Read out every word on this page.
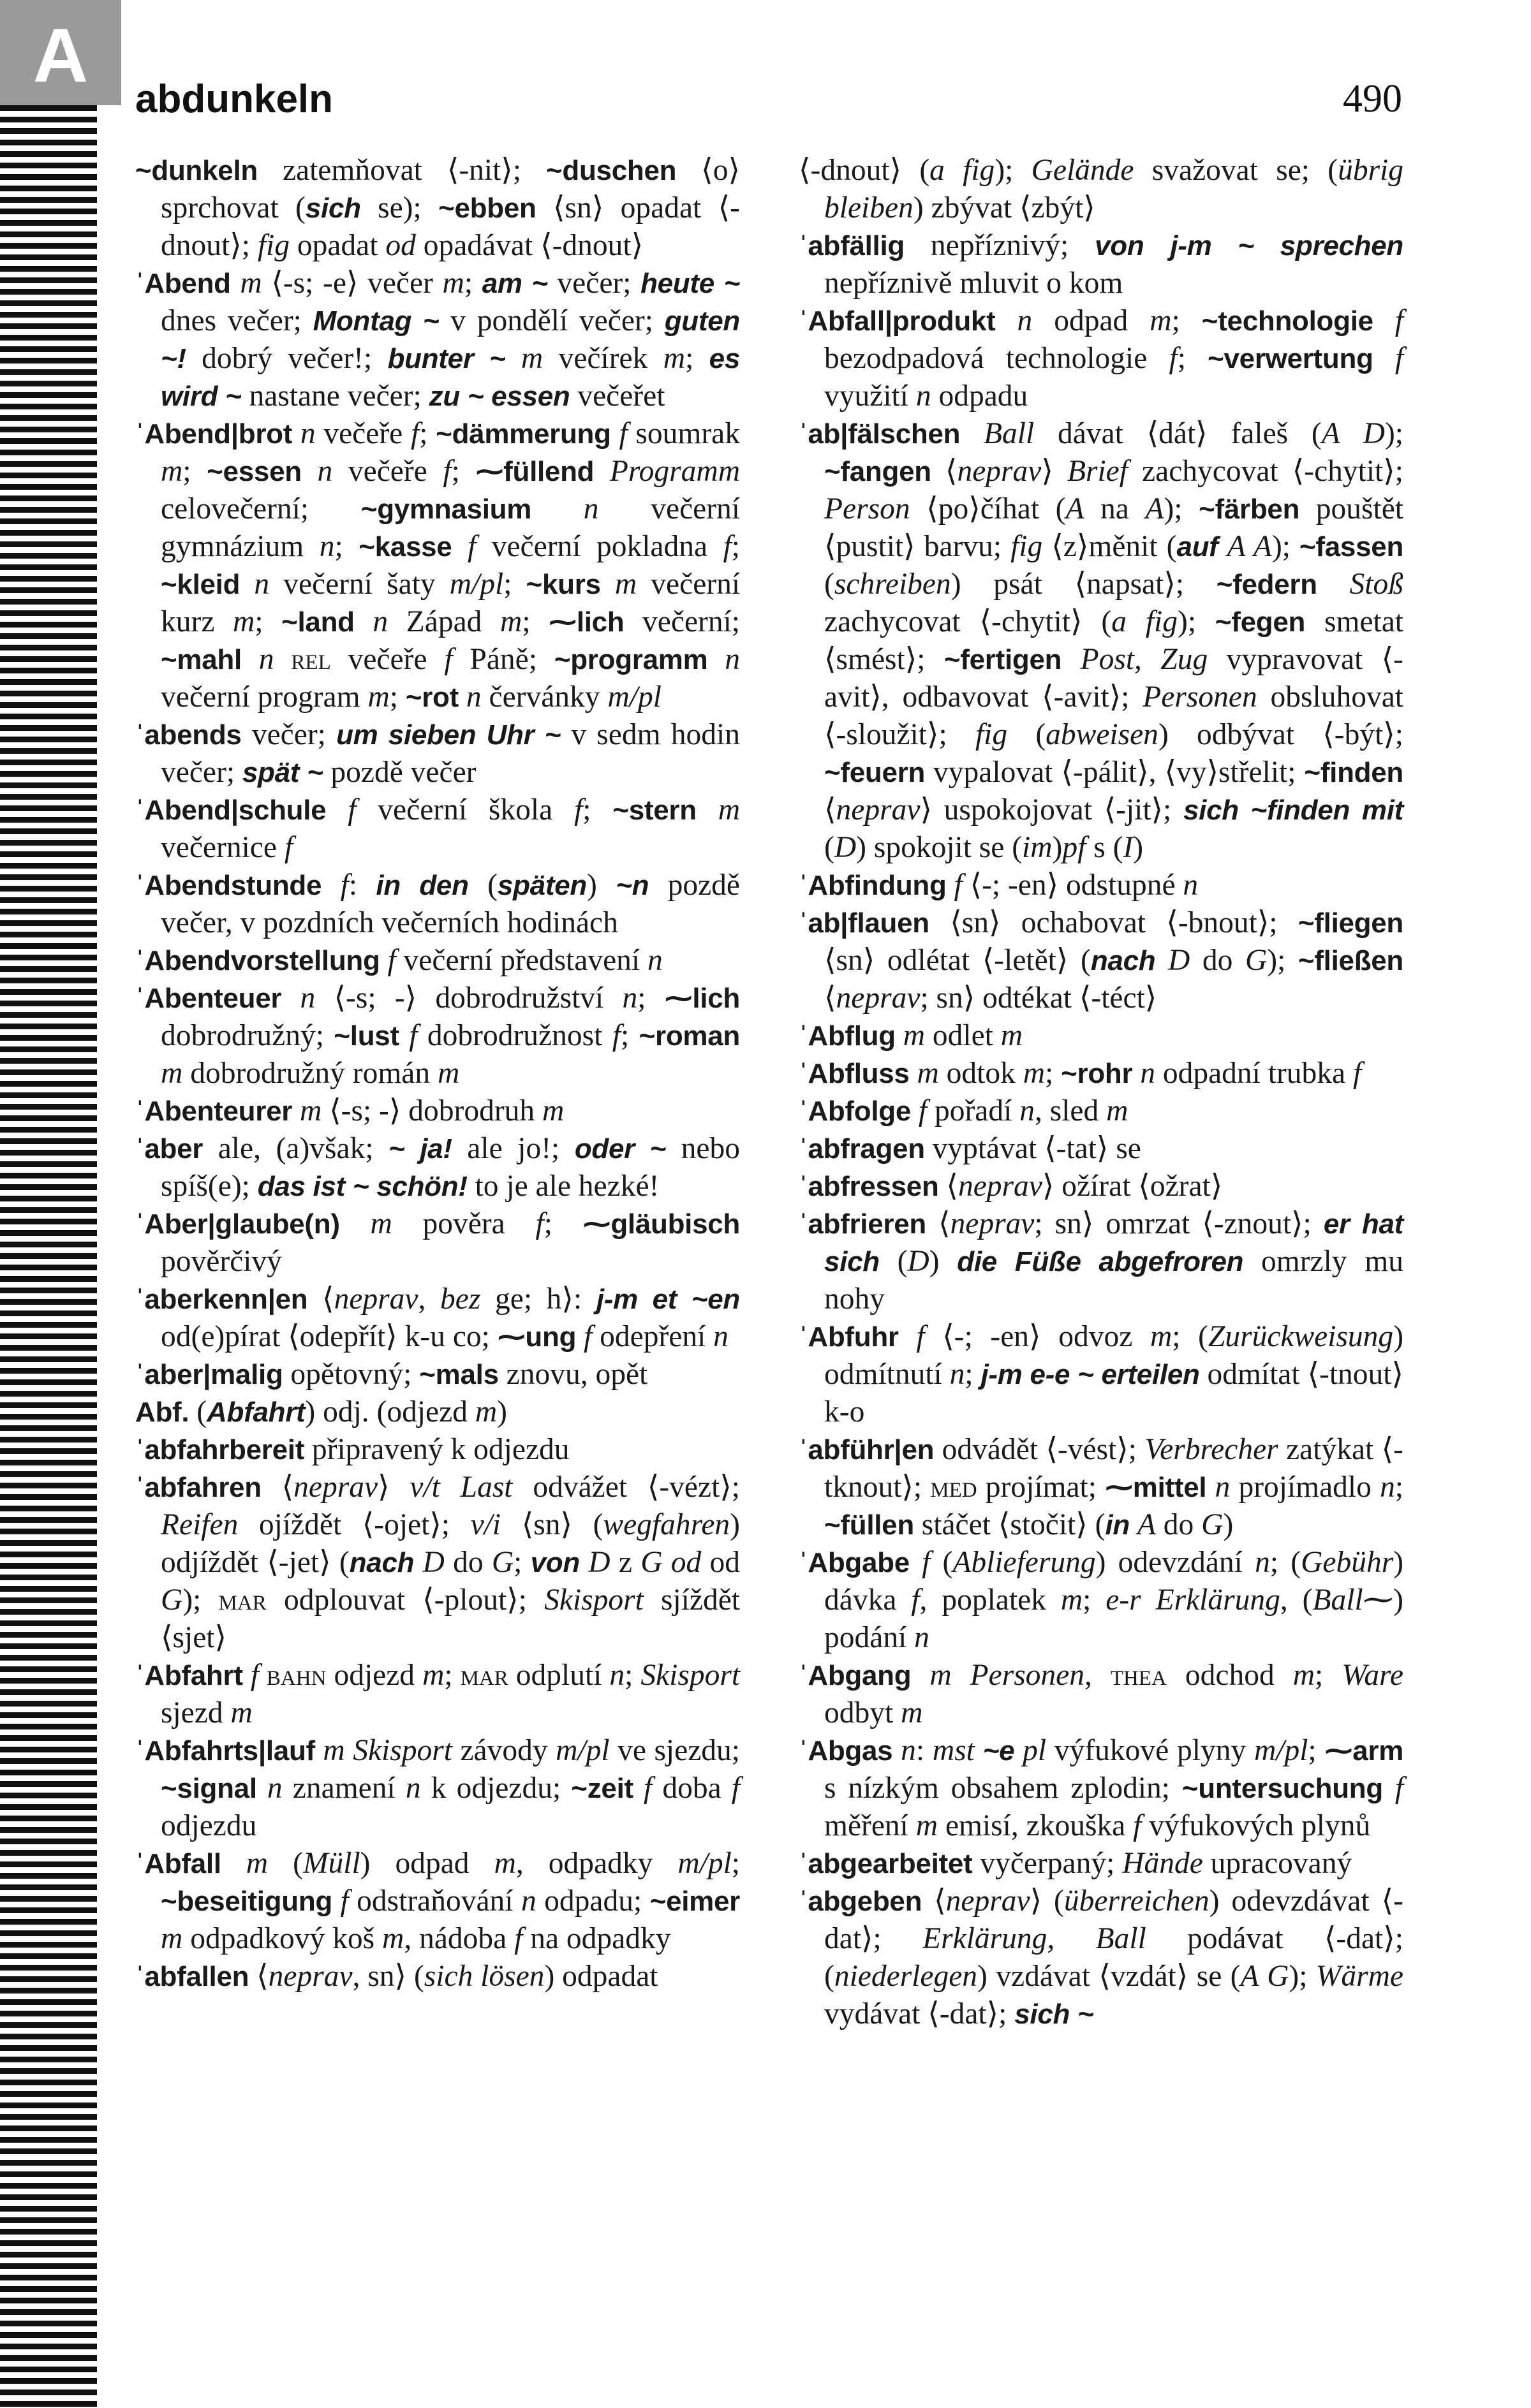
A
abdunkeln	490

~dunkeln zatemňovat ⟨-nit⟩; ~duschen ⟨o⟩sprchovat (sich se); ~ebben ⟨sn⟩ opadat ⟨-dnout⟩; fig opadat od opadávat ⟨-dnout⟩

ˈAbend m ⟨-s; -e⟩ večer m; am ~ večer; heute ~ dnes večer; Montag ~ v pondělí večer; guten ~! dobrý večer!; bunter ~ m večírek m; es wird ~ nastane večer; zu ~ essen večeřet

ˈAbend|brot n večeře f; ~dämmerung f soumrak m; ~essen n večeře f; ⁓füllend Programm celovečerní; ~gymnasium n večerní gymnázium n; ~kasse f večerní pokladna f; ~kleid n večerní šaty m/pl; ~kurs m večerní kurz m; ~land n Západ m; ⁓lich večerní; ~mahl n rel večeře f Páně; ~programm n večerní program m; ~rot n červánky m/pl

ˈabends večer; um sieben Uhr ~ v sedm hodin večer; spät ~ pozdě večer

ˈAbend|schule f večerní škola f; ~stern m večernice f

ˈAbendstunde f: in den (späten) ~n pozdě večer, v pozdních večerních hodinách

ˈAbendvorstellung f večerní představení n

ˈAbenteuer n ⟨-s; -⟩ dobrodružství n; ⁓lich dobrodružný; ~lust f dobrodružnost f; ~roman m dobrodružný román m

ˈAbenteurer m ⟨-s; -⟩ dobrodruh m

ˈaber ale, (a)však; ~ ja! ale jo!; oder ~ nebo spíš(e); das ist ~ schön! to je ale hezké!

ˈAber|glaube(n) m pověra f; ⁓gläubisch pověrčivý

ˈaberkenn|en ⟨neprav, bez ge; h⟩: j-m et ~en od(e)pírat ⟨odepřít⟩ k-u co; ⁓ung f odepření n

ˈaber|malig opětovný; ~mals znovu, opět

Abf. (Abfahrt) odj. (odjezd m)

ˈabfahrbereit připravený k odjezdu

ˈabfahren ⟨neprav⟩ v/t Last odvážet ⟨-vézt⟩; Reifen ojíždět ⟨-ojet⟩; v/i ⟨sn⟩ (wegfahren) odjíždět ⟨-jet⟩ (nach D do G; von D z G od od G); mar odplouvat ⟨-plout⟩; Skisport sjíždět ⟨sjet⟩

ˈAbfahrt f bahn odjezd m; mar odplutí n; Skisport sjezd m

ˈAbfahrts|lauf m Skisport závody m/pl ve sjezdu; ~signal n znamení n k odjezdu; ~zeit f doba f odjezdu

ˈAbfall m (Müll) odpad m, odpadky m/pl; ~beseitigung f odstraňování n odpadu; ~eimer m odpadkový koš m, nádoba f na odpadky

ˈabfallen ⟨neprav, sn⟩ (sich lösen) odpadat

⟨-dnout⟩ (a fig); Gelände svažovat se; (übrig bleiben) zbývat ⟨zbýt⟩

ˈabfällig nepříznivý; von j-m ~ sprechen nepříznivě mluvit o kom

ˈAbfall|produkt n odpad m; ~technologie f bezodpadová technologie f; ~verwertung f využití n odpadu

ˈab|fälschen Ball dávat ⟨dát⟩ faleš (A D); ~fangen ⟨neprav⟩ Brief zachycovat ⟨-chytit⟩; Person ⟨po⟩číhat (A na A); ~färben pouštět ⟨pustit⟩ barvu; fig ⟨z⟩měnit (auf A A); ~fassen (schreiben) psát ⟨napsat⟩; ~federn Stoß zachycovat ⟨-chytit⟩ (a fig); ~fegen smetat ⟨smést⟩; ~fertigen Post, Zug vypravovat ⟨-avit⟩, odbavovat ⟨-avit⟩; Personen obsluhovat ⟨-sloužit⟩; fig (abweisen) odbývat ⟨-být⟩; ~feuern vypalovat ⟨-pálit⟩, ⟨vy⟩střelit; ~finden ⟨neprav⟩ uspokojovat ⟨-jit⟩; sich ~finden mit (D) spokojit se (im)pf s (I)

ˈAbfindung f ⟨-; -en⟩ odstupné n

ˈab|flauen ⟨sn⟩ ochabovat ⟨-bnout⟩; ~fliegen ⟨sn⟩ odlétat ⟨-letět⟩ (nach D do G); ~fließen ⟨neprav; sn⟩ odtékat ⟨-téct⟩

ˈAbflug m odlet m

ˈAbfluss m odtok m; ~rohr n odpadní trubka f

ˈAbfolge f pořadí n, sled m

ˈabfragen vyptávat ⟨-tat⟩ se

ˈabfressen ⟨neprav⟩ ožírat ⟨ožrat⟩

ˈabfrieren ⟨neprav; sn⟩ omrzat ⟨-znout⟩; er hat sich (D) die Füße abgefroren omrzly mu nohy

ˈAbfuhr f ⟨-; -en⟩ odvoz m; (Zurückweisung) odmítnutí n; j-m e-e ~ erteilen odmítat ⟨-tnout⟩ k-o

ˈabführ|en odvádět ⟨-vést⟩; Verbrecher zatýkat ⟨-tknout⟩; med projímat; ⁓mittel n projímadlo n; ~füllen stáčet ⟨stočit⟩ (in A do G)

ˈAbgabe f (Ablieferung) odevzdání n; (Gebühr) dávka f, poplatek m; e-r Erklärung, (Ball⁓) podání n

ˈAbgang m Personen, thea odchod m; Ware odbyt m

ˈAbgas n: mst ~e pl výfukové plyny m/pl; ⁓arm s nízkým obsahem zplodin; ~untersuchung f měření m emisí, zkouška f výfukových plynů

ˈabgearbeitet vyčerpaný; Hände upracovaný

ˈabgeben ⟨neprav⟩ (überreichen) odevzdávat ⟨-dat⟩; Erklärung, Ball podávat ⟨-dat⟩; (niederlegen) vzdávat ⟨vzdát⟩ se (A G); Wärme vydávat ⟨-dat⟩; sich ~
